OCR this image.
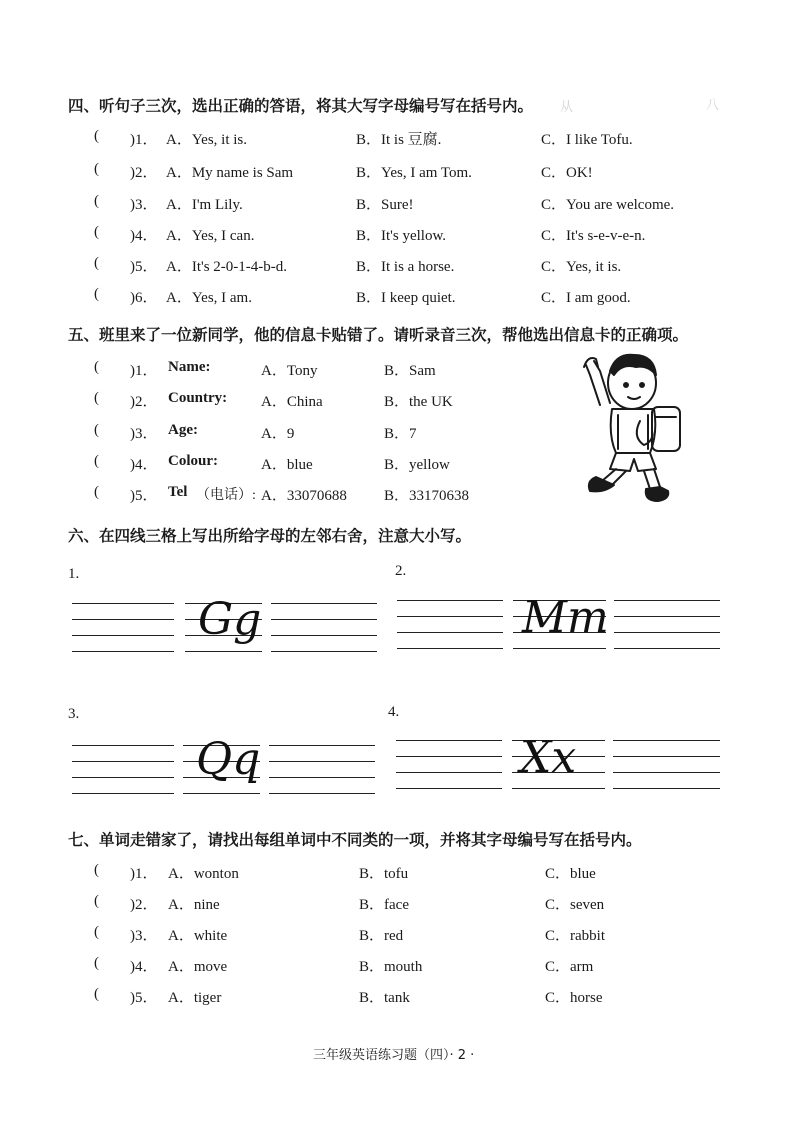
八
从
四、听句子三次，选出正确的答语，将其大写字母编号写在括号内。
( )1． A．Yes, it is.	B．It is 豆腐.	C．I like Tofu.
( )2． A．My name is Sam	B．Yes, I am Tom.	C．OK!
( )3． A．I'm Lily.	B．Sure!	C．You are welcome.
( )4． A．Yes, I can.	B．It's yellow.	C．It's s-e-v-e-n.
( )5． A．It's 2-0-1-4-b-d.	B．It is a horse.	C．Yes, it is.
( )6． A．Yes, I am.	B．I keep quiet.	C．I am good.
五、班里来了一位新同学，他的信息卡贴错了。请听录音三次，帮他选出信息卡的正确项。
( )1． Name:	A．Tony	B．Sam
( )2． Country: A．China	B．the UK
( )3． Age:	A．9	B．7
( )4． Colour:	A．blue	B．yellow
( )5． Tel （电话）: A．33070688 B．33170638
六、在四线三格上写出所给字母的左邻右舍，注意大小写。
1.	2.
3.	4.
Gg	Mm
Qq	Xx
七、单词走错家了，请找出每组单词中不同类的一项，并将其字母编号写在括号内。
( )1． A．wonton	B．tofu	C．blue
( )2． A．nine	B．face	C．seven
( )3． A．white	B．red	C．rabbit
( )4． A．move	B．mouth	C．arm
( )5． A．tiger	B．tank	C．horse
三年级英语练习题（四）· 2 ·
